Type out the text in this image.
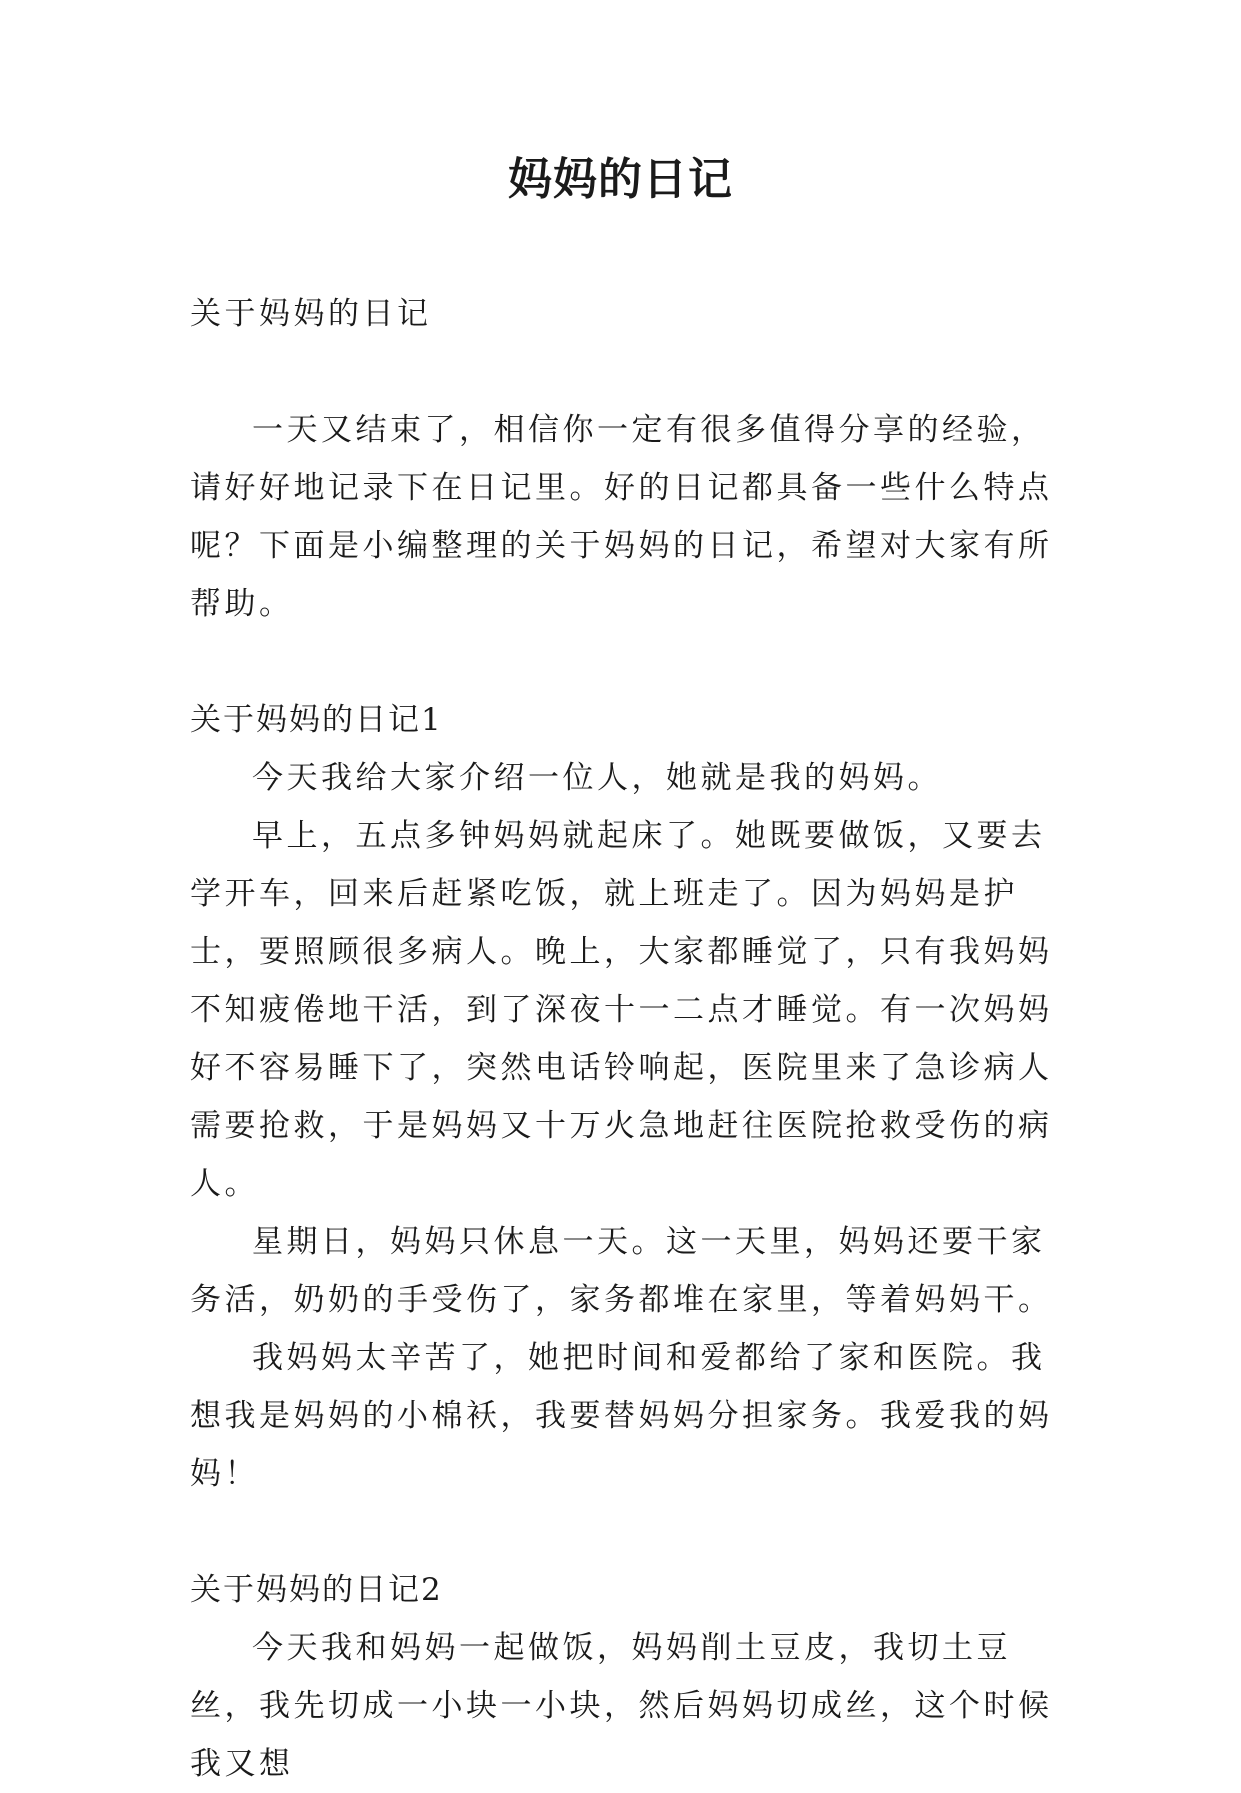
妈妈的日记

关于妈妈的日记

一天又结束了，相信你一定有很多值得分享的经验，请好好地记录下在日记里。好的日记都具备一些什么特点呢？下面是小编整理的关于妈妈的日记，希望对大家有所帮助。

关于妈妈的日记1

今天我给大家介绍一位人，她就是我的妈妈。

早上，五点多钟妈妈就起床了。她既要做饭，又要去学开车，回来后赶紧吃饭，就上班走了。因为妈妈是护士，要照顾很多病人。晚上，大家都睡觉了，只有我妈妈不知疲倦地干活，到了深夜十一二点才睡觉。有一次妈妈好不容易睡下了，突然电话铃响起，医院里来了急诊病人需要抢救，于是妈妈又十万火急地赶往医院抢救受伤的病人。

星期日，妈妈只休息一天。这一天里，妈妈还要干家务活，奶奶的手受伤了，家务都堆在家里，等着妈妈干。

我妈妈太辛苦了，她把时间和爱都给了家和医院。我想我是妈妈的小棉袄，我要替妈妈分担家务。我爱我的妈妈！

关于妈妈的日记2

今天我和妈妈一起做饭，妈妈削土豆皮，我切土豆丝，我先切成一小块一小块，然后妈妈切成丝，这个时候我又想
